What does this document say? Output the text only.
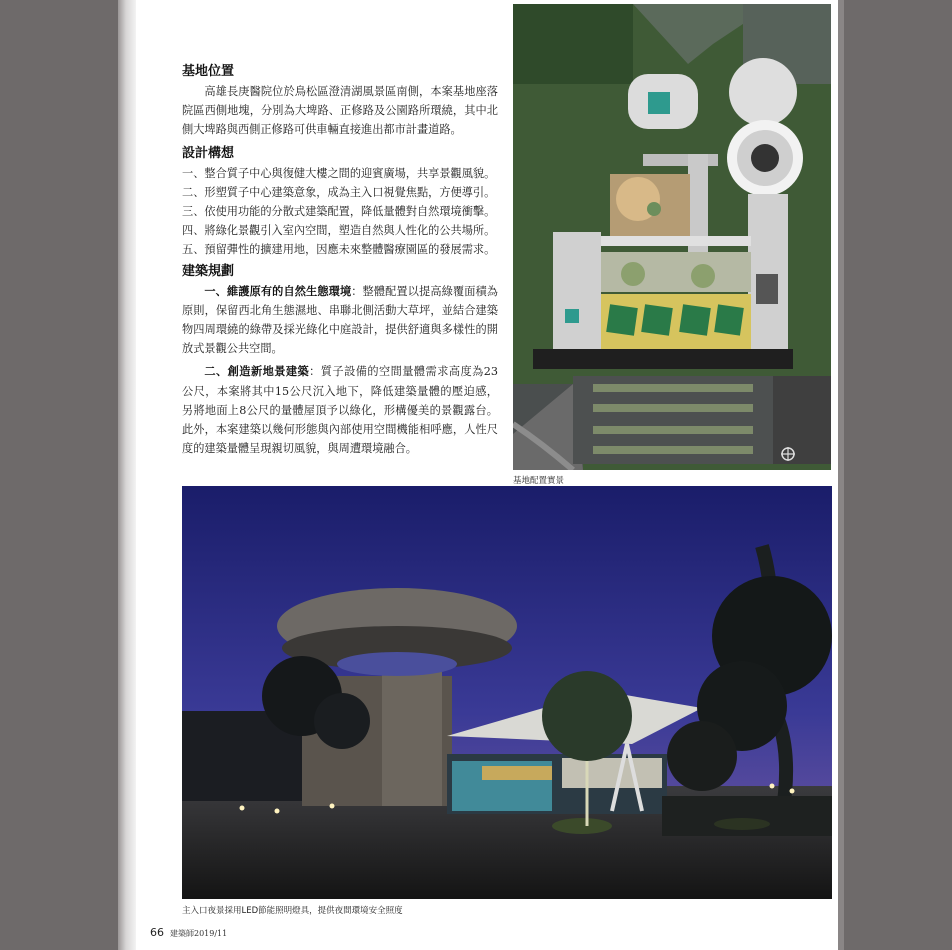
基地位置

高雄長庚醫院位於鳥松區澄清湖風景區南側，本案基地座落院區西側地塊，分別為大埤路、正修路及公園路所環繞，其中北側大埤路與西側正修路可供車輛直接進出都市計畫道路。

設計構想

一、整合質子中心與復健大樓之間的迎賓廣場，共享景觀風貌。

二、形塑質子中心建築意象，成為主入口視覺焦點，方便導引。

三、依使用功能的分散式建築配置，降低量體對自然環境衝擊。

四、將綠化景觀引入室內空間，塑造自然與人性化的公共場所。

五、預留彈性的擴建用地，因應未來整體醫療園區的發展需求。

建築規劃

一、維護原有的自然生態環境：整體配置以提高綠覆面積為原則，保留西北角生態濕地、串聯北側活動大草坪，並結合建築物四周環繞的綠帶及採光綠化中庭設計，提供舒適與多樣性的開放式景觀公共空間。

二、創造新地景建築：質子設備的空間量體需求高度為23公尺，本案將其中15公尺沉入地下，降低建築量體的壓迫感，另將地面上8公尺的量體屋頂予以綠化，形構優美的景觀露台。此外，本案建築以幾何形態與內部使用空間機能相呼應，人性尺度的建築量體呈現親切風貌，與周遭環境融合。

基地配置實景
主入口夜景採用LED節能照明燈具，提供夜間環境安全照度
66 建築師2019/11
